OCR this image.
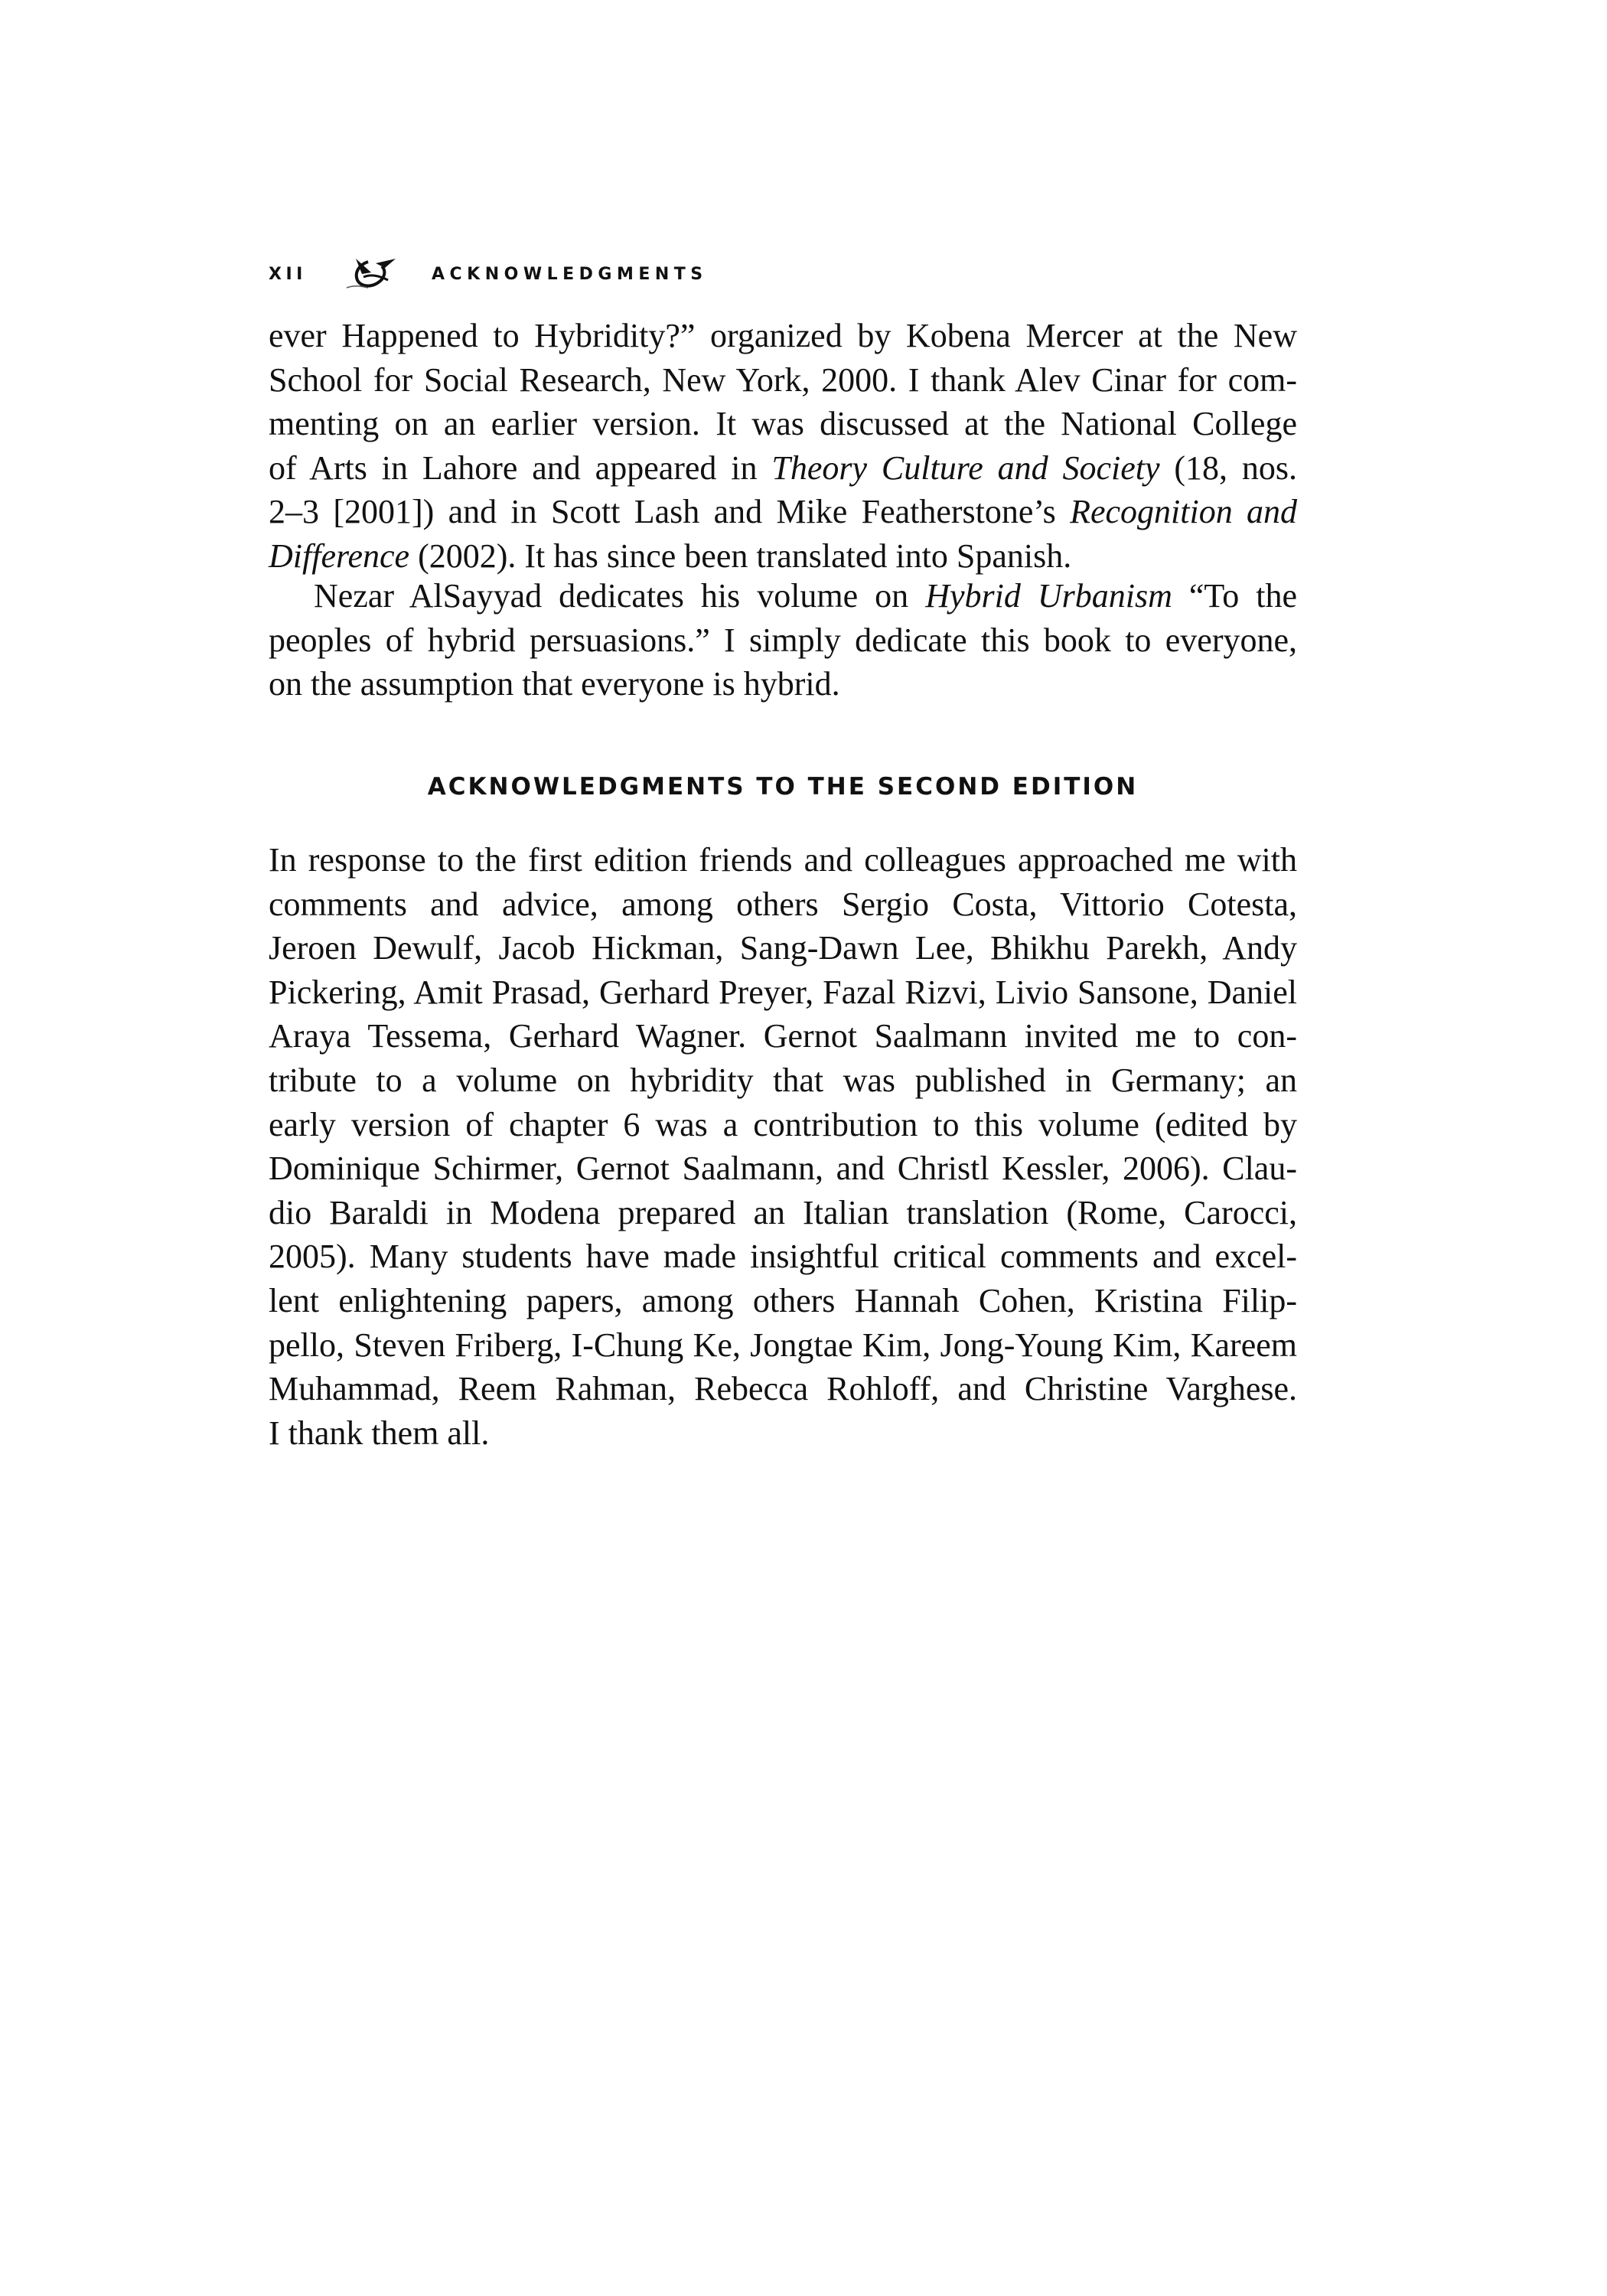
XII	ACKNOWLEDGMENTS
ever Happened to Hybridity?” organized by Kobena Mercer at the New
School for Social Research, New York, 2000. I thank Alev Cinar for com-
menting on an earlier version. It was discussed at the National College
of Arts in Lahore and appeared in Theory Culture and Society (18, nos.
2–3 [2001]) and in Scott Lash and Mike Featherstone’s Recognition and
Difference (2002). It has since been translated into Spanish.
Nezar AlSayyad dedicates his volume on Hybrid Urbanism “To the
peoples of hybrid persuasions.” I simply dedicate this book to everyone,
on the assumption that everyone is hybrid.
ACKNOWLEDGMENTS TO THE SECOND EDITION
In response to the first edition friends and colleagues approached me with
comments and advice, among others Sergio Costa, Vittorio Cotesta,
Jeroen Dewulf, Jacob Hickman, Sang-Dawn Lee, Bhikhu Parekh, Andy
Pickering, Amit Prasad, Gerhard Preyer, Fazal Rizvi, Livio Sansone, Daniel
Araya Tessema, Gerhard Wagner. Gernot Saalmann invited me to con-
tribute to a volume on hybridity that was published in Germany; an
early version of chapter 6 was a contribution to this volume (edited by
Dominique Schirmer, Gernot Saalmann, and Christl Kessler, 2006). Clau-
dio Baraldi in Modena prepared an Italian translation (Rome, Carocci,
2005). Many students have made insightful critical comments and excel-
lent enlightening papers, among others Hannah Cohen, Kristina Filip-
pello, Steven Friberg, I-Chung Ke, Jongtae Kim, Jong-Young Kim, Kareem
Muhammad, Reem Rahman, Rebecca Rohloff, and Christine Varghese.
I thank them all.
